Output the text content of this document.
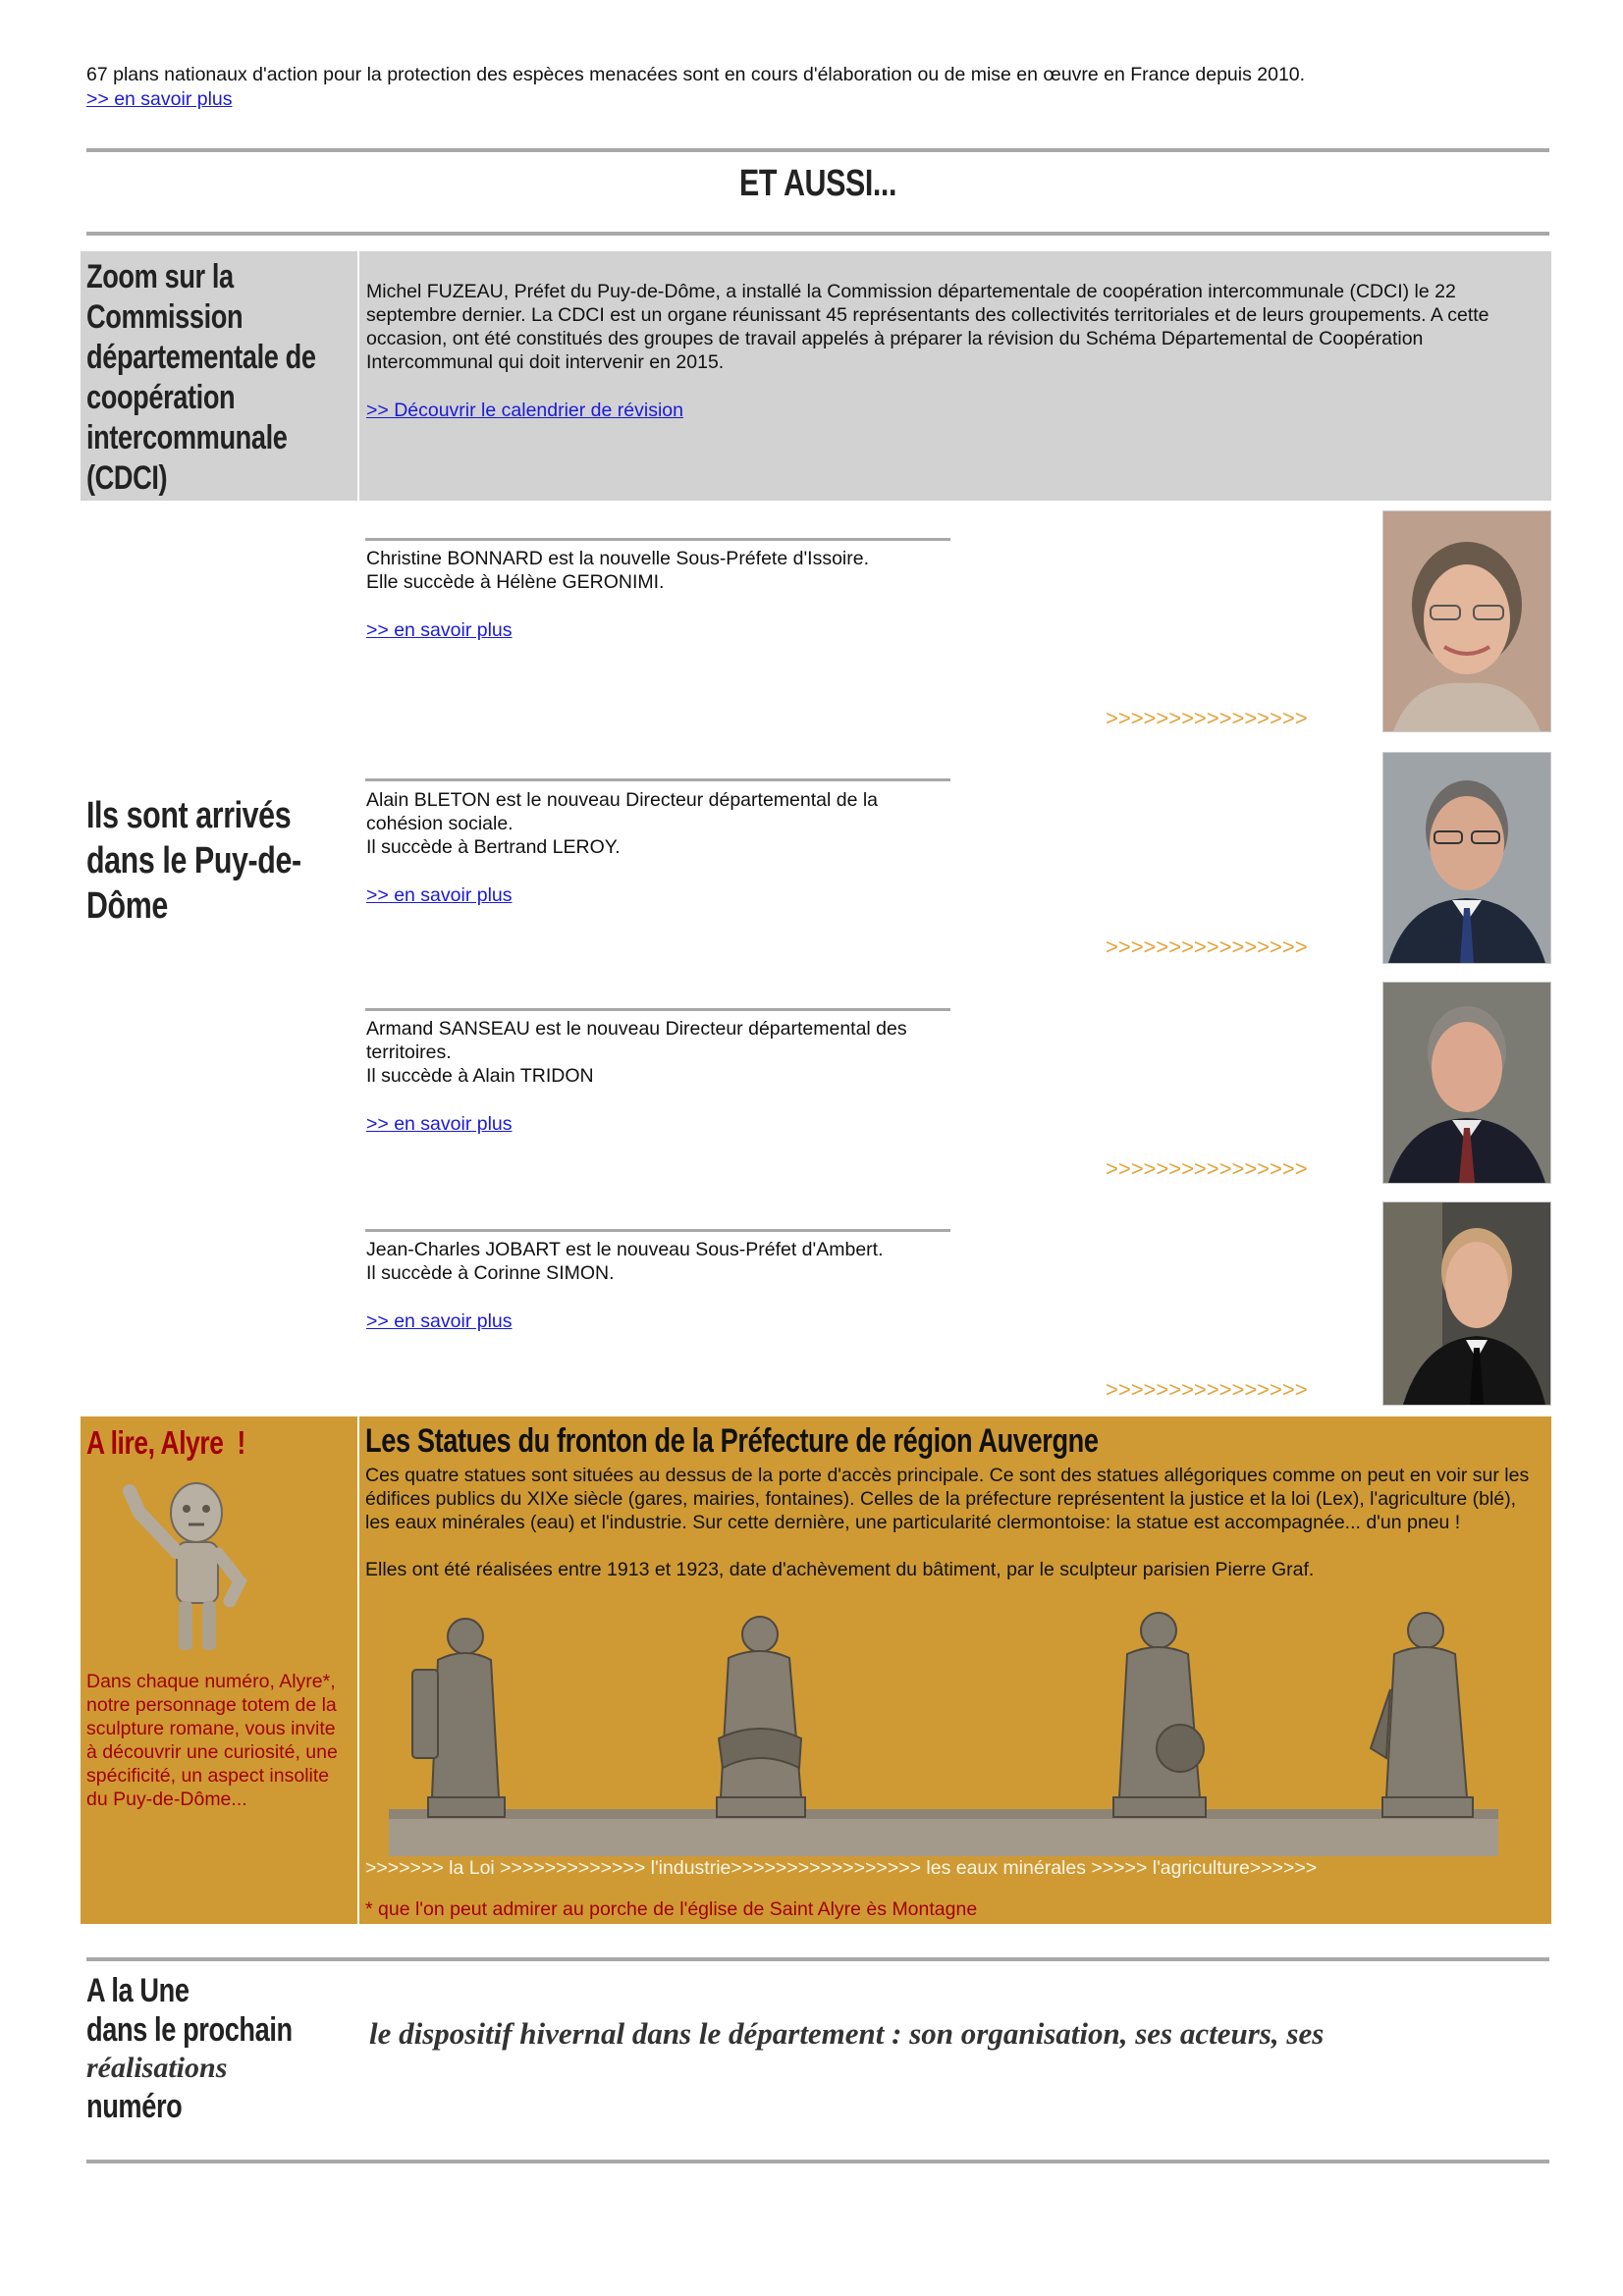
67 plans nationaux d'action pour la protection des espèces menacées sont en cours d'élaboration ou de mise en œuvre en France depuis 2010.
>> en savoir plus
ET AUSSI...
Zoom sur la Commission départementale de coopération intercommunale (CDCI)
Michel FUZEAU, Préfet du Puy-de-Dôme, a installé la Commission départementale de coopération intercommunale (CDCI) le 22 septembre dernier. La CDCI est un organe réunissant 45 représentants des collectivités territoriales et de leurs groupements. A cette occasion, ont été constitués des groupes de travail appelés à préparer la révision du Schéma Départemental de Coopération Intercommunal qui doit intervenir en 2015.
>> Découvrir le calendrier de révision
Ils sont arrivés dans le Puy-de-Dôme
Christine BONNARD est la nouvelle Sous-Préfete d'Issoire.
Elle succède à Hélène GERONIMI.
>> en savoir plus
>>>>>>>>>>>>>>>>
Alain BLETON est le nouveau Directeur départemental de la
cohésion sociale.
Il succède à Bertrand LEROY.
>> en savoir plus
>>>>>>>>>>>>>>>>
Armand SANSEAU est le nouveau Directeur départemental des
territoires.
Il succède à Alain TRIDON
>> en savoir plus
>>>>>>>>>>>>>>>>
Jean-Charles JOBART est le nouveau Sous-Préfet d'Ambert.
Il succède à Corinne SIMON.
>> en savoir plus
>>>>>>>>>>>>>>>>
A lire, Alyre  !
Dans chaque numéro, Alyre*, notre personnage totem de la sculpture romane, vous invite à découvrir une curiosité, une spécificité, un aspect insolite du Puy-de-Dôme...
Les Statues du fronton de la Préfecture de région Auvergne
Ces quatre statues sont situées au dessus de la porte d'accès principale. Ce sont des statues allégoriques comme on peut en voir sur les édifices publics du XIXe siècle (gares, mairies, fontaines). Celles de la préfecture représentent la justice et la loi (Lex), l'agriculture (blé), les eaux minérales (eau) et l'industrie. Sur cette dernière, une particularité clermontoise: la statue est accompagnée... d'un pneu !
Elles ont été réalisées entre 1913 et 1923, date d'achèvement du bâtiment, par le sculpteur parisien Pierre Graf.
>>>>>>> la Loi >>>>>>>>>>>>> l'industrie>>>>>>>>>>>>>>>>> les eaux minérales >>>>> l'agriculture>>>>>>
* que l'on peut admirer au porche de l'église de Saint Alyre ès Montagne
A la Une
dans le prochain
réalisations
numéro
le dispositif hivernal dans le département : son organisation, ses acteurs, ses
